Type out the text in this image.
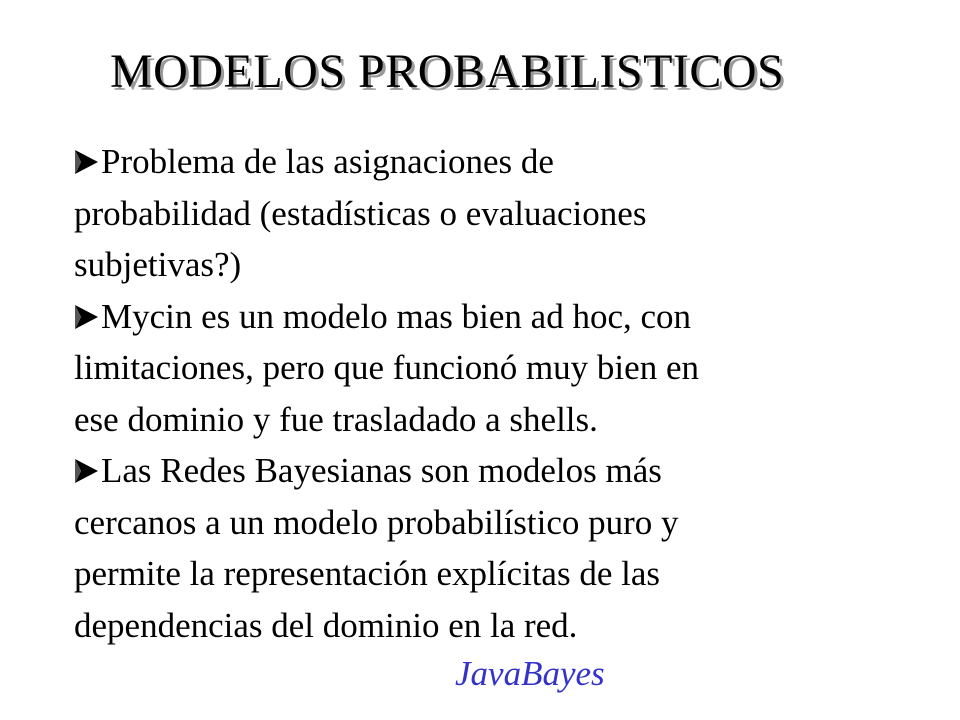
MODELOS PROBABILISTICOS
Problema de las asignaciones de
probabilidad (estadísticas o evaluaciones
subjetivas?)
Mycin es un modelo mas bien ad hoc, con
limitaciones, pero que funcionó muy bien en
ese dominio y fue trasladado a shells.
Las Redes Bayesianas son modelos más
cercanos a un modelo probabilístico puro y
permite la representación explícitas de las
dependencias del dominio en la red.
JavaBayes
